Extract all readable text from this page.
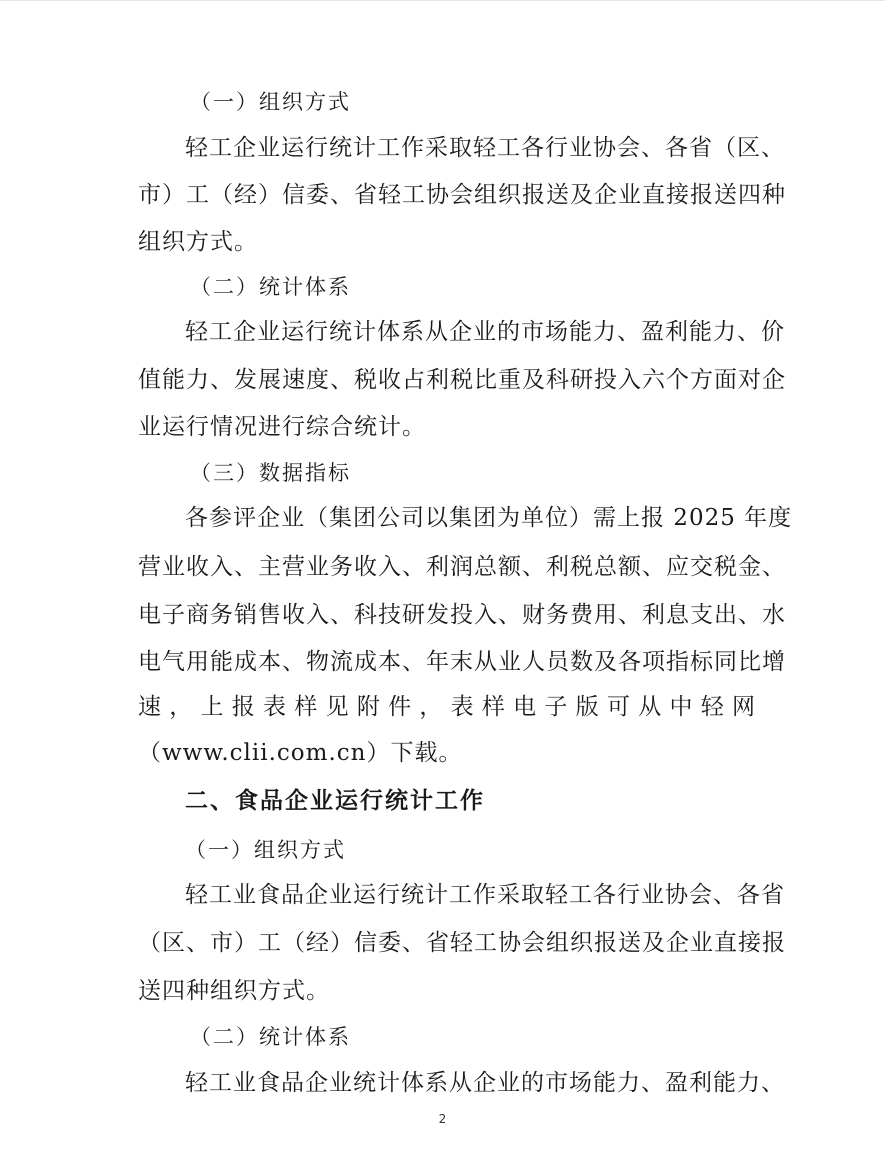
（一）组织方式
轻工企业运行统计工作采取轻工各行业协会、各省（区、
市）工（经）信委、省轻工协会组织报送及企业直接报送四种
组织方式。
（二）统计体系
轻工企业运行统计体系从企业的市场能力、盈利能力、价
值能力、发展速度、税收占利税比重及科研投入六个方面对企
业运行情况进行综合统计。
（三）数据指标
各参评企业（集团公司以集团为单位）需上报 2025 年度
营业收入、主营业务收入、利润总额、利税总额、应交税金、
电子商务销售收入、科技研发投入、财务费用、利息支出、水
电气用能成本、物流成本、年末从业人员数及各项指标同比增
速，上报表样见附件，表样电子版可从中轻网
（www.clii.com.cn）下载。
二、食品企业运行统计工作
（一）组织方式
轻工业食品企业运行统计工作采取轻工各行业协会、各省
（区、市）工（经）信委、省轻工协会组织报送及企业直接报
送四种组织方式。
（二）统计体系
轻工业食品企业统计体系从企业的市场能力、盈利能力、
2
